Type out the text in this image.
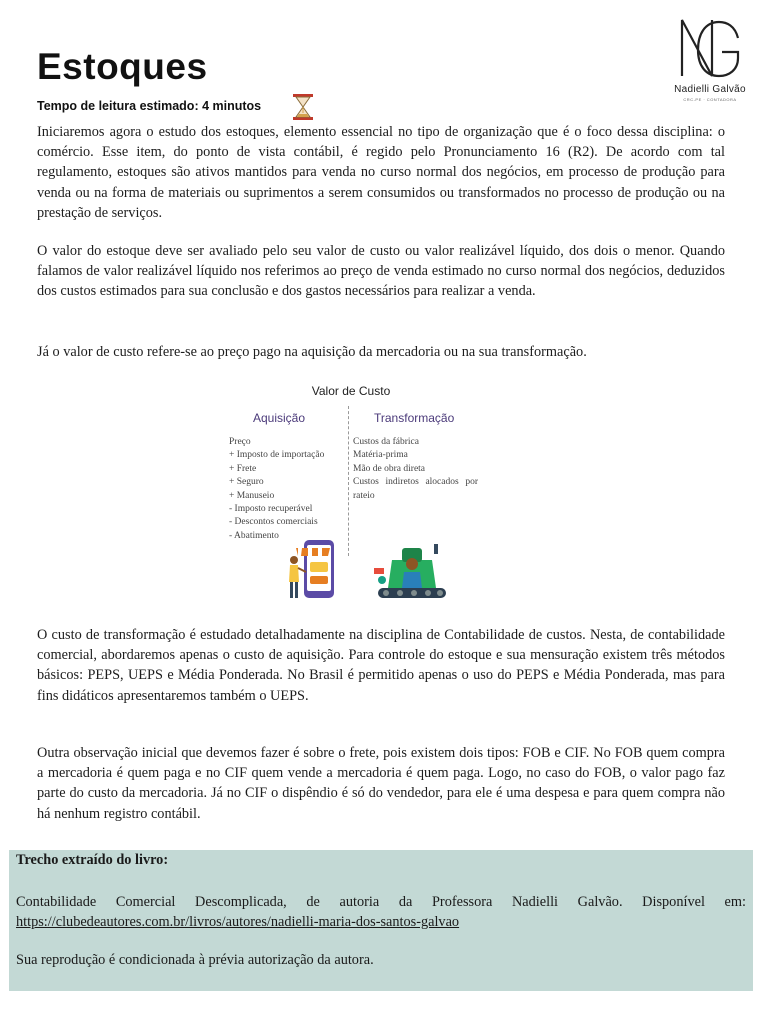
Estoques
Tempo de leitura estimado: 4 minutos
Nadielli Galvão
CRC-PE · CONTADORA

Iniciaremos agora o estudo dos estoques, elemento essencial no tipo de organização que é o foco dessa disciplina: o comércio. Esse item, do ponto de vista contábil, é regido pelo Pronunciamento 16 (R2). De acordo com tal regulamento, estoques são ativos mantidos para venda no curso normal dos negócios, em processo de produção para venda ou na forma de materiais ou suprimentos a serem consumidos ou transformados no processo de produção ou na prestação de serviços.

O valor do estoque deve ser avaliado pelo seu valor de custo ou valor realizável líquido, dos dois o menor. Quando falamos de valor realizável líquido nos referimos ao preço de venda estimado no curso normal dos negócios, deduzidos dos custos estimados para sua conclusão e dos gastos necessários para realizar a venda.

Já o valor de custo refere-se ao preço pago na aquisição da mercadoria ou na sua transformação.

Valor de Custo
Aquisição	Transformação
Preço
+ Imposto de importação
+ Frete
+ Seguro
+ Manuseio
- Imposto recuperável
- Descontos comerciais
- Abatimento
Custos da fábrica
Matéria-prima
Mão de obra direta
Custos indiretos alocados por rateio

O custo de transformação é estudado detalhadamente na disciplina de Contabilidade de custos. Nesta, de contabilidade comercial, abordaremos apenas o custo de aquisição. Para controle do estoque e sua mensuração existem três métodos básicos: PEPS, UEPS e Média Ponderada. No Brasil é permitido apenas o uso do PEPS e Média Ponderada, mas para fins didáticos apresentaremos também o UEPS.

Outra observação inicial que devemos fazer é sobre o frete, pois existem dois tipos: FOB e CIF. No FOB quem compra a mercadoria é quem paga e no CIF quem vende a mercadoria é quem paga. Logo, no caso do FOB, o valor pago faz parte do custo da mercadoria. Já no CIF o dispêndio é só do vendedor, para ele é uma despesa e para quem compra não há nenhum registro contábil.

Trecho extraído do livro:

Contabilidade Comercial Descomplicada, de autoria da Professora Nadielli Galvão. Disponível em: https://clubedeautores.com.br/livros/autores/nadielli-maria-dos-santos-galvao

Sua reprodução é condicionada à prévia autorização da autora.
